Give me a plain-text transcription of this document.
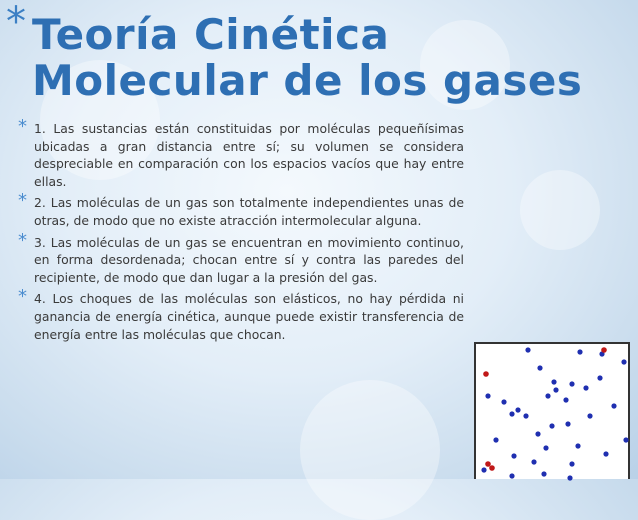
* Teoría Cinética Molecular de los gases
* 1. Las sustancias están constituidas por moléculas pequeñísimas ubicadas a gran distancia entre sí; su volumen se considera despreciable en comparación con los espacios vacíos que hay entre ellas.
* 2. Las moléculas de un gas son totalmente independientes unas de otras, de modo que no existe atracción intermolecular alguna.
* 3. Las moléculas de un gas se encuentran en movimiento continuo, en forma desordenada; chocan entre sí y contra las paredes del recipiente, de modo que dan lugar a la presión del gas.
* 4. Los choques de las moléculas son elásticos, no hay pérdida ni ganancia de energía cinética, aunque puede existir transferencia de energía entre las moléculas que chocan.
